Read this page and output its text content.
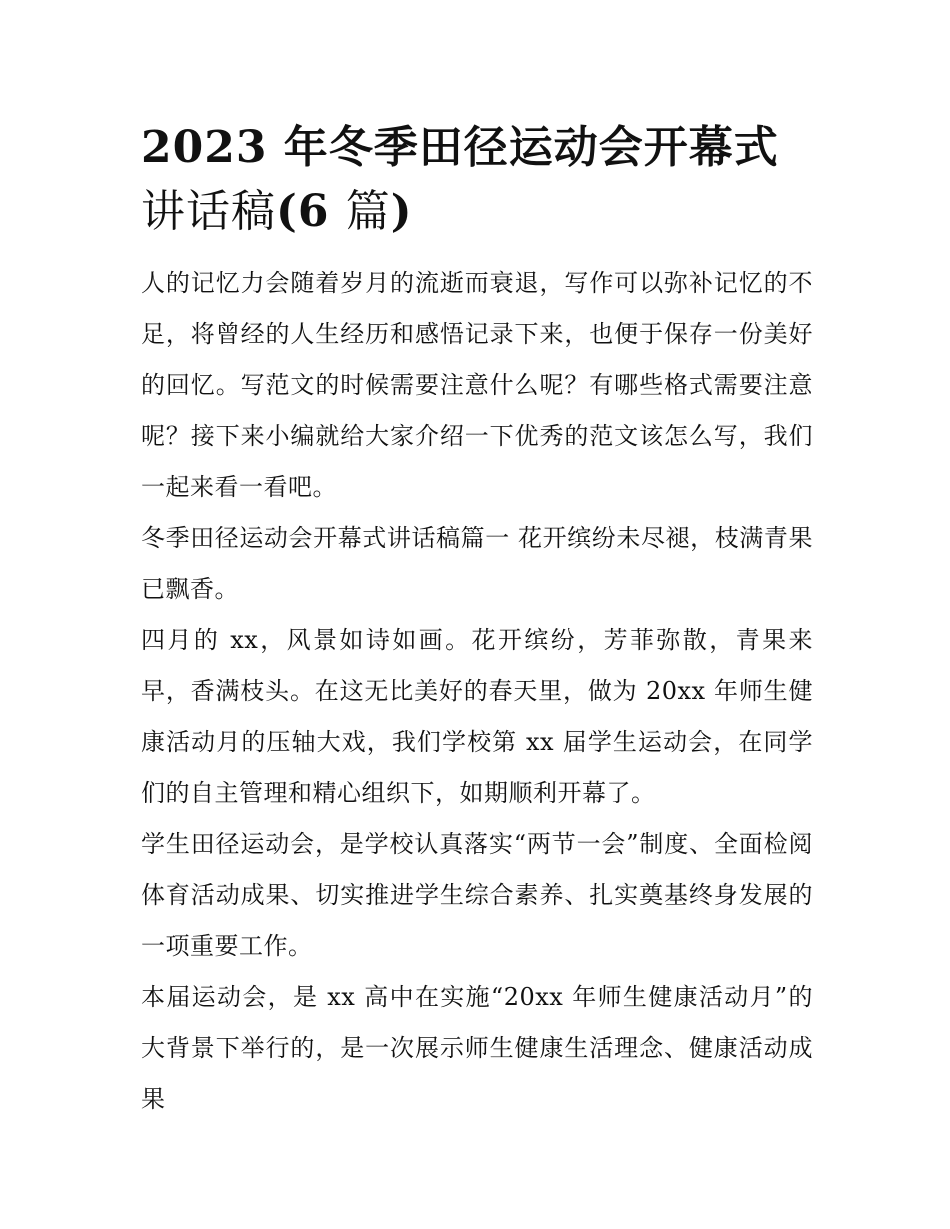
2023 年冬季田径运动会开幕式
讲话稿(6 篇)

人的记忆力会随着岁月的流逝而衰退，写作可以弥补记忆的不足，将曾经的人生经历和感悟记录下来，也便于保存一份美好的回忆。写范文的时候需要注意什么呢？有哪些格式需要注意呢？接下来小编就给大家介绍一下优秀的范文该怎么写，我们一起来看一看吧。

冬季田径运动会开幕式讲话稿篇一 花开缤纷未尽褪，枝满青果已飘香。

四月的 xx，风景如诗如画。花开缤纷，芳菲弥散，青果来早，香满枝头。在这无比美好的春天里，做为 20xx 年师生健康活动月的压轴大戏，我们学校第 xx 届学生运动会，在同学们的自主管理和精心组织下，如期顺利开幕了。

学生田径运动会，是学校认真落实“两节一会”制度、全面检阅体育活动成果、切实推进学生综合素养、扎实奠基终身发展的一项重要工作。

本届运动会，是 xx 高中在实施“20xx 年师生健康活动月”的大背景下举行的，是一次展示师生健康生活理念、健康活动成果
